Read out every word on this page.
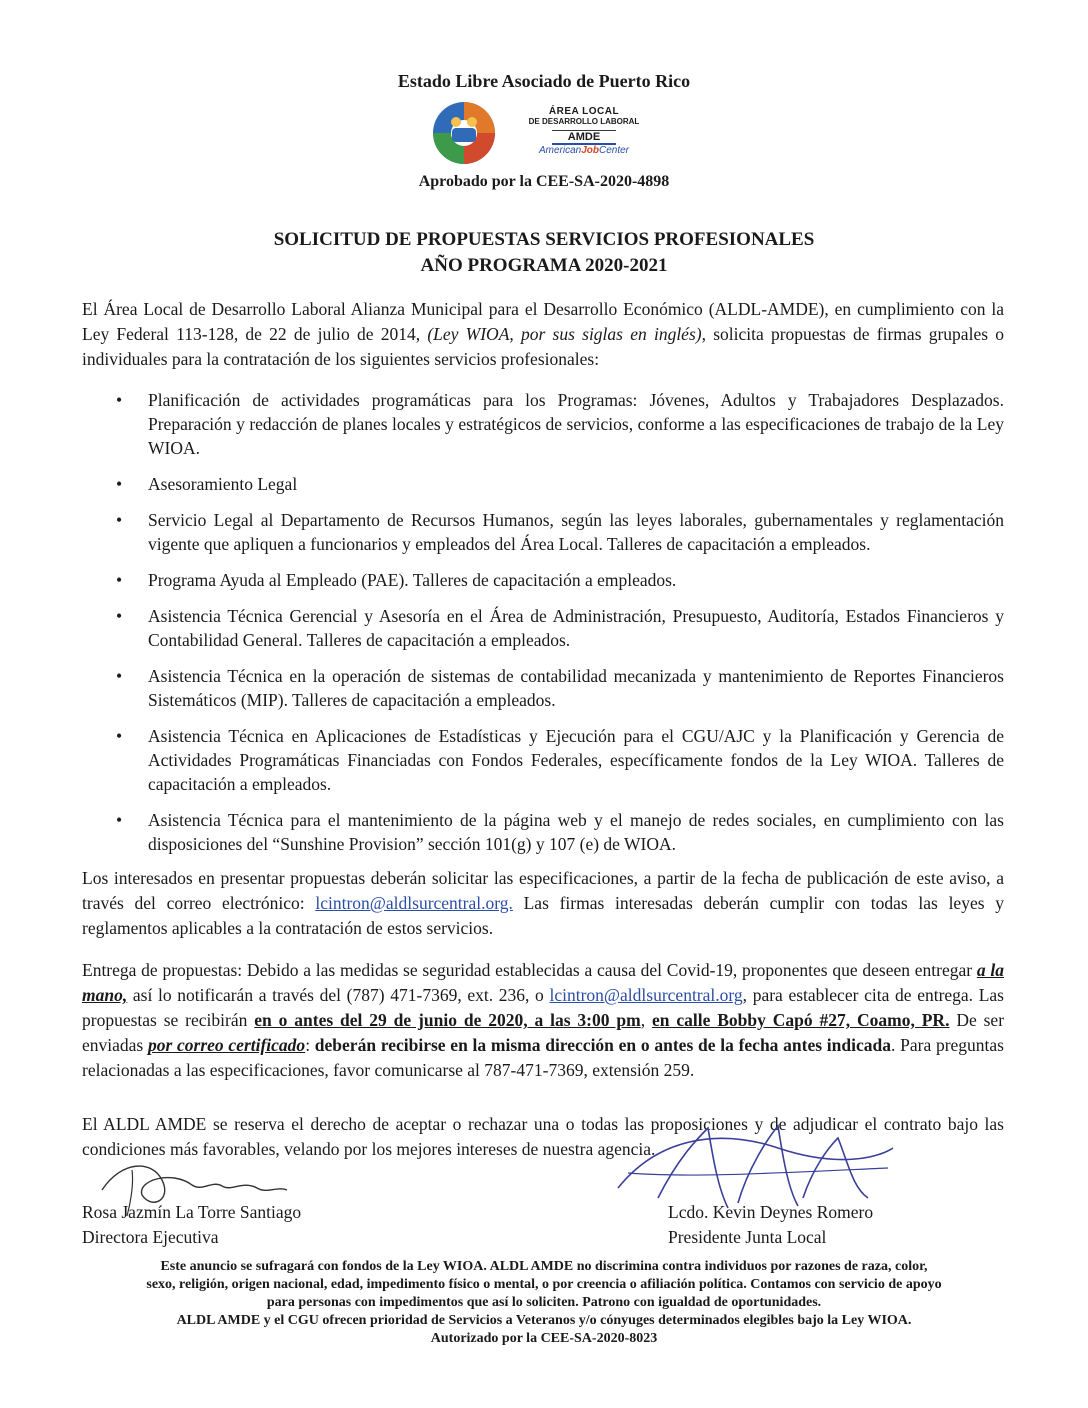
Estado Libre Asociado de Puerto Rico
ÁREA LOCAL
DE DESARROLLO LABORAL
AMDE
AmericanJobCenter
Aprobado por la CEE-SA-2020-4898
SOLICITUD DE PROPUESTAS SERVICIOS PROFESIONALES
AÑO PROGRAMA 2020-2021
El Área Local de Desarrollo Laboral Alianza Municipal para el Desarrollo Económico (ALDL-AMDE), en cumplimiento con la Ley Federal 113-128, de 22 de julio de 2014, (Ley WIOA, por sus siglas en inglés), solicita propuestas de firmas grupales o individuales para la contratación de los siguientes servicios profesionales:
• Planificación de actividades programáticas para los Programas: Jóvenes, Adultos y Trabajadores Desplazados. Preparación y redacción de planes locales y estratégicos de servicios, conforme a las especificaciones de trabajo de la Ley WIOA.
• Asesoramiento Legal
• Servicio Legal al Departamento de Recursos Humanos, según las leyes laborales, gubernamentales y reglamentación vigente que apliquen a funcionarios y empleados del Área Local. Talleres de capacitación a empleados.
• Programa Ayuda al Empleado (PAE). Talleres de capacitación a empleados.
• Asistencia Técnica Gerencial y Asesoría en el Área de Administración, Presupuesto, Auditoría, Estados Financieros y Contabilidad General. Talleres de capacitación a empleados.
• Asistencia Técnica en la operación de sistemas de contabilidad mecanizada y mantenimiento de Reportes Financieros Sistemáticos (MIP). Talleres de capacitación a empleados.
• Asistencia Técnica en Aplicaciones de Estadísticas y Ejecución para el CGU/AJC y la Planificación y Gerencia de Actividades Programáticas Financiadas con Fondos Federales, específicamente fondos de la Ley WIOA. Talleres de capacitación a empleados.
• Asistencia Técnica para el mantenimiento de la página web y el manejo de redes sociales, en cumplimiento con las disposiciones del “Sunshine Provision” sección 101(g) y 107 (e) de WIOA.
Los interesados en presentar propuestas deberán solicitar las especificaciones, a partir de la fecha de publicación de este aviso, a través del correo electrónico: lcintron@aldlsurcentral.org. Las firmas interesadas deberán cumplir con todas las leyes y reglamentos aplicables a la contratación de estos servicios.
Entrega de propuestas: Debido a las medidas se seguridad establecidas a causa del Covid-19, proponentes que deseen entregar a la mano, así lo notificarán a través del (787) 471-7369, ext. 236, o lcintron@aldlsurcentral.org, para establecer cita de entrega. Las propuestas se recibirán en o antes del 29 de junio de 2020, a las 3:00 pm, en calle Bobby Capó #27, Coamo, PR. De ser enviadas por correo certificado: deberán recibirse en la misma dirección en o antes de la fecha antes indicada. Para preguntas relacionadas a las especificaciones, favor comunicarse al 787-471-7369, extensión 259.
El ALDL AMDE se reserva el derecho de aceptar o rechazar una o todas las proposiciones y de adjudicar el contrato bajo las condiciones más favorables, velando por los mejores intereses de nuestra agencia.
Rosa Jazmín La Torre Santiago
Directora Ejecutiva
Lcdo. Kevin Deynes Romero
Presidente Junta Local
Este anuncio se sufragará con fondos de la Ley WIOA. ALDL AMDE no discrimina contra individuos por razones de raza, color,
sexo, religión, origen nacional, edad, impedimento físico o mental, o por creencia o afiliación política. Contamos con servicio de apoyo
para personas con impedimentos que así lo soliciten. Patrono con igualdad de oportunidades.
ALDL AMDE y el CGU ofrecen prioridad de Servicios a Veteranos y/o cónyuges determinados elegibles bajo la Ley WIOA.
Autorizado por la CEE-SA-2020-8023
